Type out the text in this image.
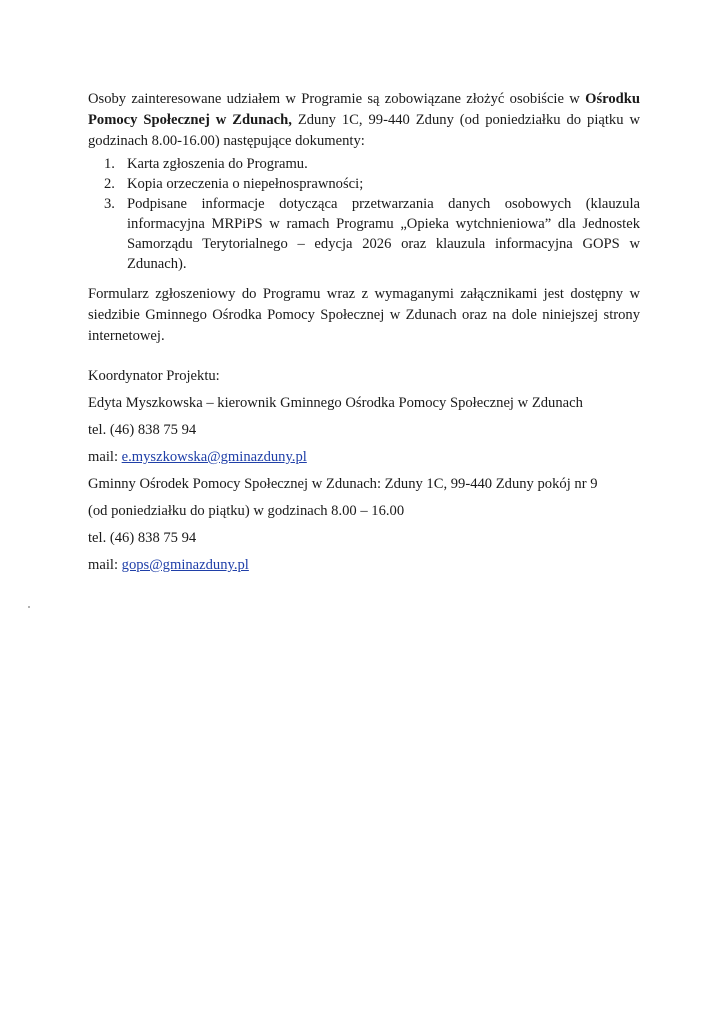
Osoby zainteresowane udziałem w Programie są zobowiązane złożyć osobiście w Ośrodku Pomocy Społecznej w Zdunach, Zduny 1C, 99-440 Zduny (od poniedziałku do piątku w godzinach 8.00-16.00) następujące dokumenty:

1. Karta zgłoszenia do Programu.
2. Kopia orzeczenia o niepełnosprawności;
3. Podpisane informacje dotycząca przetwarzania danych osobowych (klauzula informacyjna MRPiPS w ramach Programu „Opieka wytchnieniowa” dla Jednostek Samorządu Terytorialnego – edycja 2026 oraz klauzula informacyjna GOPS w Zdunach).

Formularz zgłoszeniowy do Programu wraz z wymaganymi załącznikami jest dostępny w siedzibie Gminnego Ośrodka Pomocy Społecznej w Zdunach oraz na dole niniejszej strony internetowej.

Koordynator Projektu:
Edyta Myszkowska – kierownik Gminnego Ośrodka Pomocy Społecznej w Zdunach
tel. (46) 838 75 94
mail: e.myszkowska@gminazduny.pl
Gminny Ośrodek Pomocy Społecznej w Zdunach: Zduny 1C, 99-440 Zduny pokój nr 9
(od poniedziałku do piątku) w godzinach 8.00 – 16.00
tel. (46) 838 75 94
mail: gops@gminazduny.pl
